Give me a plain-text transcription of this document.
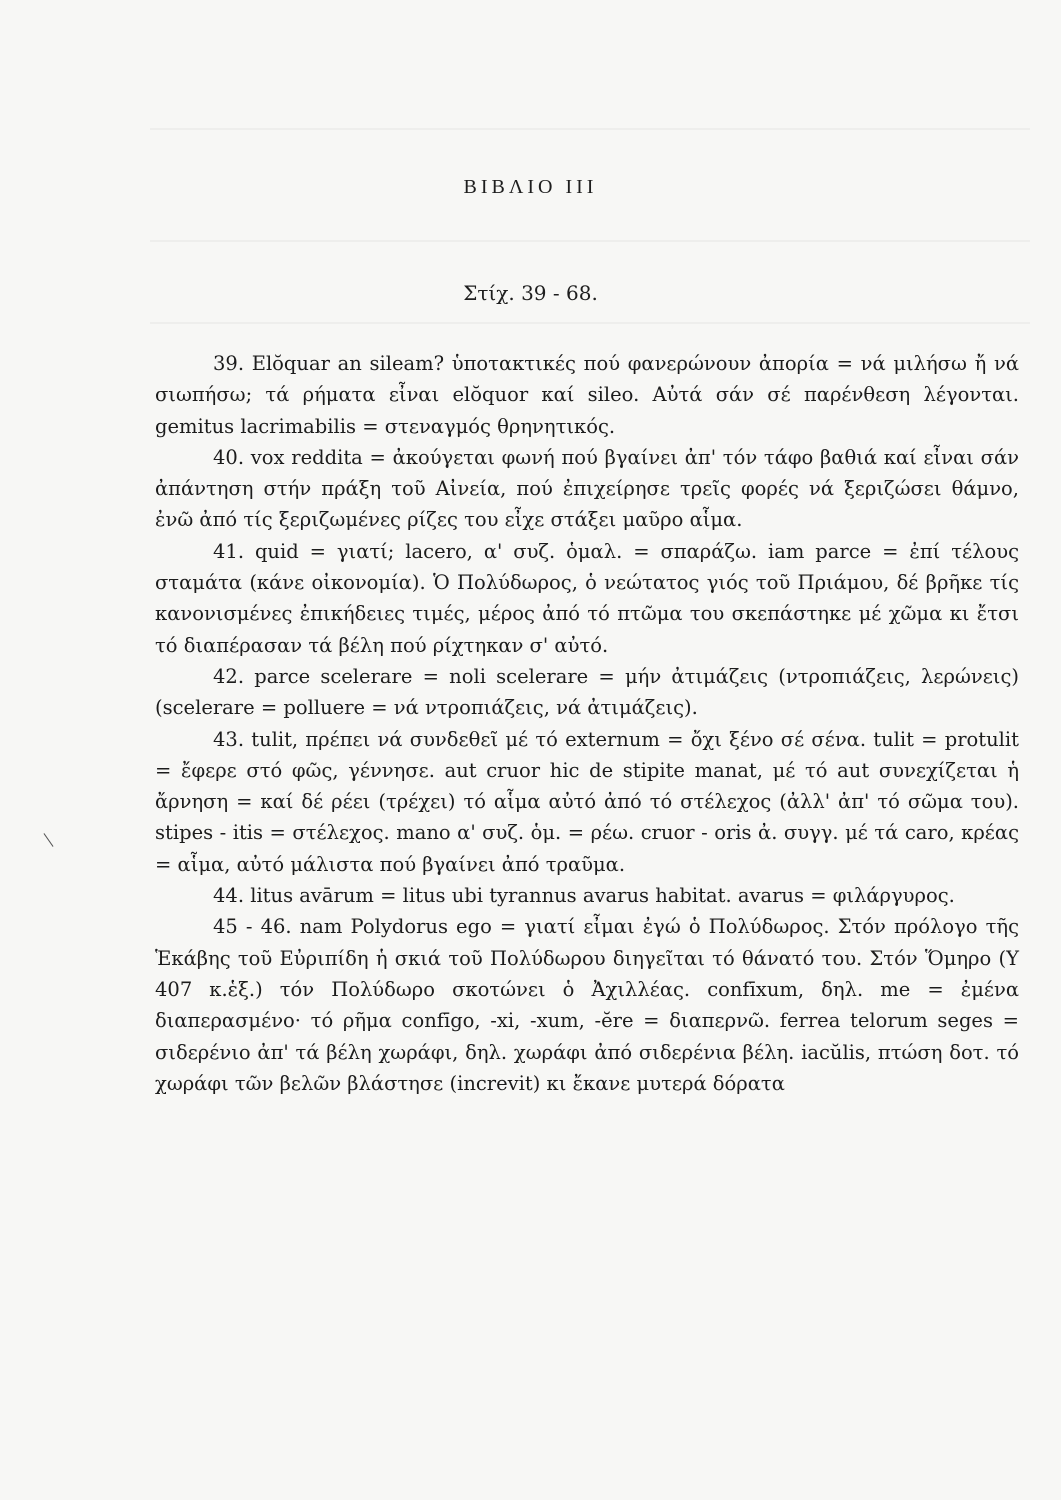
ΒΙΒΛΙΟ ΙΙΙ
Στίχ. 39 - 68.

39. Elŏquar an sileam? ὑποτακτικές πού φανερώνουν ἀπορία = νά μιλήσω ἤ νά σιωπήσω; τά ρήματα εἶναι elŏquor καί sileo. Αὐτά σάν σέ παρένθεση λέγονται. gemitus lacrimabilis = στεναγμός θρηνητικός.

40. vox reddita = ἀκούγεται φωνή πού βγαίνει ἀπ' τόν τάφο βαθιά καί εἶναι σάν ἀπάντηση στήν πράξη τοῦ Αἰνεία, πού ἐπιχείρησε τρεῖς φορές νά ξεριζώσει θάμνο, ἐνῶ ἀπό τίς ξεριζωμένες ρίζες του εἶχε στάξει μαῦρο αἷμα.

41. quid = γιατί; lacero, α' συζ. ὁμαλ. = σπαράζω. iam parce = ἐπί τέλους σταμάτα (κάνε οἰκονομία). Ὁ Πολύδωρος, ὁ νεώτατος γιός τοῦ Πριάμου, δέ βρῆκε τίς κανονισμένες ἐπικήδειες τιμές, μέρος ἀπό τό πτῶμα του σκεπάστηκε μέ χῶμα κι ἔτσι τό διαπέρασαν τά βέλη πού ρίχτηκαν σ' αὐτό.

42. parce scelerare = noli scelerare = μήν ἀτιμάζεις (ντροπιάζεις, λερώνεις) (scelerare = polluere = νά ντροπιάζεις, νά ἀτιμάζεις).

43. tulit, πρέπει νά συνδεθεῖ μέ τό externum = ὄχι ξένο σέ σένα. tulit = protulit = ἔφερε στό φῶς, γέννησε. aut cruor hic de stipite manat, μέ τό aut συνεχίζεται ἡ ἄρνηση = καί δέ ρέει (τρέχει) τό αἷμα αὐτό ἀπό τό στέλεχος (ἀλλ' ἀπ' τό σῶμα του). stipes - itis = στέλεχος. mano α' συζ. ὁμ. = ρέω. cruor - oris ἀ. συγγ. μέ τά caro, κρέας = αἷμα, αὐτό μάλιστα πού βγαίνει ἀπό τραῦμα.

44. litus avārum = litus ubi tyrannus avarus habitat. avarus = φιλάργυρος.

45 - 46. nam Polydorus ego = γιατί εἶμαι ἐγώ ὁ Πολύδωρος. Στόν πρόλογο τῆς Ἑκάβης τοῦ Εὐριπίδη ἡ σκιά τοῦ Πολύδωρου διηγεῖται τό θάνατό του. Στόν Ὅμηρο (Υ 407 κ.ἑξ.) τόν Πολύδωρο σκοτώνει ὁ Ἀχιλλέας. confīxum, δηλ. me = ἐμένα διαπερασμένο· τό ρῆμα confīgo, -xi, -xum, -ĕre = διαπερνῶ. ferrea telorum seges = σιδερένιο ἀπ' τά βέλη χωράφι, δηλ. χωράφι ἀπό σιδερένια βέλη. iacŭlis, πτώση δοτ. τό χωράφι τῶν βελῶν βλάστησε (increvit) κι ἔκανε μυτερά δόρατα
